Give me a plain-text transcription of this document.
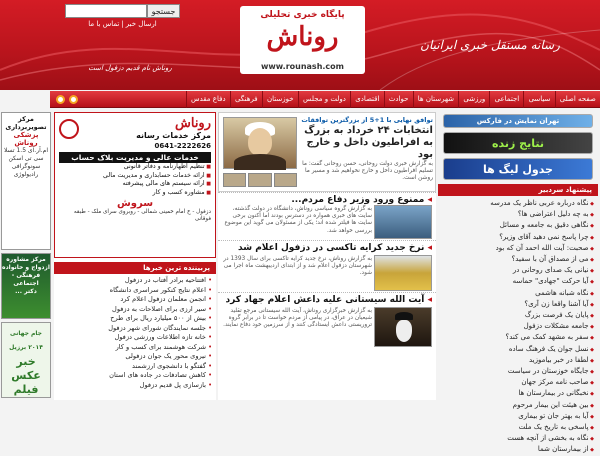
جستجو
ارسال خبر|تماس با ما
پایگاه خبری تحلیلی
روناش
www.rounash.com
رسانه مستقل خبری ایرانیان
روناش نام قدیم دزفول است
صفحه اصلی
سیاسی
اجتماعی
ورزشی
شهرستان ها
حوادث
اقتصادی
دولت و مجلس
خوزستان
فرهنگی
دفاع مقدس
تهران نمایش در فارکس
نتایج زنده
جدول لیگ ها
پیشنهاد سردبیر
◆ نگاه درباره عربی ناظر یک مدرسه
◆ به چه دلیل اعتراضی ها؟
◆ نگاهی دقیق به جامعه و مسائل
◆ چرا پاسخ نمی دهید آقای وزیر؟
◆ صحبت: آیت الله احمد آن که بود
◆ می از مصداق آن با سفید؟
◆ نیانی یک صدای روحانی در
◆ آیا حرکت "جهادی" حماسه
◆ نگاه شبانه هاشمی
◆ آیا آشنا واقعا زن آری؟
◆ پایان یک فرصت بزرگ
◆ جامعه مشکلات دزفول
◆ سفر به مشهد کمک می کند؟
◆ نسل جوان یک فرهنگ ساده
◆ لطفا در خبر بیاموزید
◆ جایگاه خوزستان در سیاست
◆ صاحب نامه مرکز جهان
◆ نخبگانی در بیمارستان ها
◆ بین هیئت این بیمار مرحوم
◆ آیا به بهتر جان تو بیماری
◆ پاسخی به تاریخ یک ملت
◆ نگاه به بخشی از آنچه هست
◆ از بیمارستان شما
توافق نهایی با 1+5 از بزرگترین توافقات
انتخابات ۲۴ خرداد به بزرگ به افراطیون داخل و خارج بود
به گزارش خبری دولت روحانی، حسن روحانی گفت: ما تسلیم افراطیون داخل و خارج نخواهیم شد و مسیر ما روشن است.
◂ ممنوع ورود وزیر دفاع مردم...
به گزارش گروه سیاسی روناش، دانشگاه در دولت گذشته، سایت های خبری همواره در دسترس بودند اما اکنون برخی سایت ها فیلتر شده اند؛ یکی از مسئولان می گوید این موضوع بررسی خواهد شد.
◂ نرخ جدید کرایه تاکسی در دزفول اعلام شد
به گزارش روناش، نرخ جدید کرایه تاکسی برای سال 1393 در شهرستان دزفول اعلام شد و از ابتدای اردیبهشت ماه اجرا می شود.
◂ آیت الله سیستانی علیه داعش اعلام جهاد کرد
به گزارش خبرگزاری روناش، آیت الله سیستانی مرجع تقلید شیعیان در عراق، در پیامی از مردم خواست تا در برابر گروه تروریستی داعش ایستادگی کنند و از سرزمین خود دفاع نمایند.
روناش
مرکز خدمات رسانه
0641-2222626
خدمات عالی و مدیریت بلاک حساب
■ تنظیم اظهارنامه و دفاتر قانونی
■ ارائه خدمات حسابداری و مدیریت مالی
■ ارائه سیستم های مالی پیشرفته
■ مشاوره کسب و کار
سروش
دزفول - خ امام خمینی شمالی - روبروی سرای ملک - طبقه فوقانی
پربیننده ترین خبرها
• افتتاحیه برادر آفتاب در دزفول
• اعلام نتایج کنکور سراسری دانشگاه
• انجمن معلمان دزفول اعلام کرد
• سیر ارزی برای اصلاحات به دزفول
• بیش از ۵۰۰ میلیارد ریال برای طرح
• جلسه نمایندگان شورای شهر دزفول
• خانه تازه اطلاعات ورزشی دزفول
• شرکت هوشمند برای کسب و کار
• نیروی محور یک جوان دزفولی
• گفتگو با دانشجوی ارزشمند
• کاهش تصادفات در جاده های استان
• بازسازی پل قدیم دزفول
مرکز تصویربرداری
پزشکی روناش
ام.آر.آی 1.5 تسلا
سی تی اسکن
سونوگرافی
رادیولوژی
مرکز مشاوره
ازدواج و خانواده
فرهنگی - اجتماعی
دکتر ...
جام جهانی ۲۰۱۴ برزیل
خبر
عکس
فیلم
